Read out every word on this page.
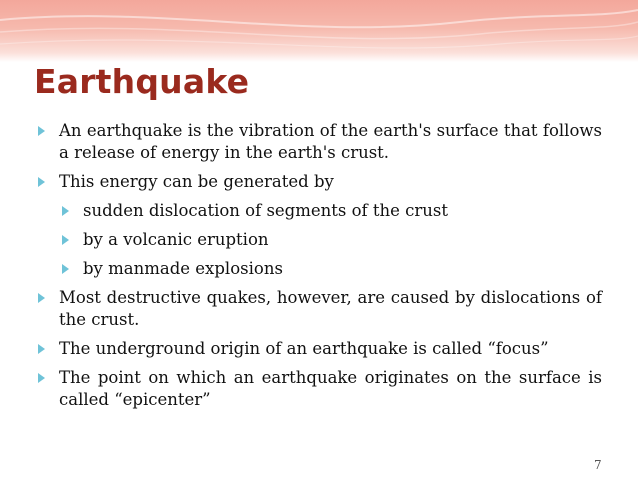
Earthquake
An earthquake is the vibration of the earth's surface that follows a release of energy in the earth's crust.
This energy can be generated by
sudden dislocation of segments of the crust
by a volcanic eruption
by manmade explosions
Most destructive quakes, however, are caused by dislocations of the crust.
The underground origin of an earthquake is called “focus”
The point on which an earthquake originates on the surface is called “epicenter”
7
